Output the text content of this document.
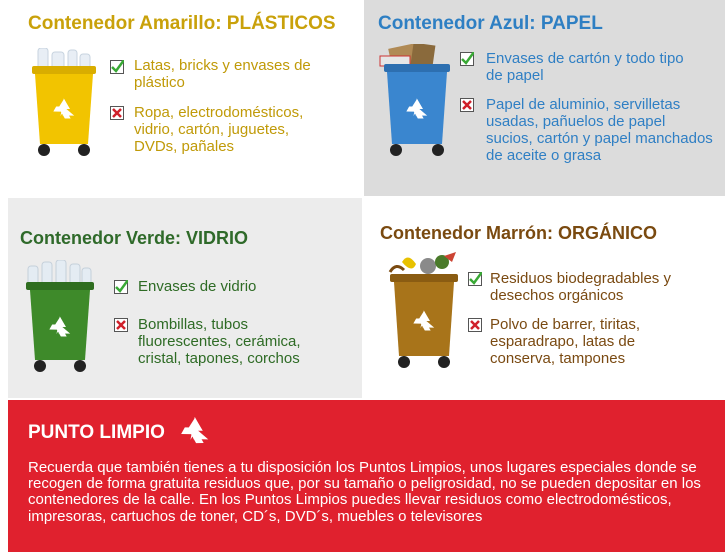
Contenedor Amarillo: PLÁSTICOS
Latas, bricks y envases de plástico
Ropa, electrodomésticos, vidrio, cartón, juguetes, DVDs, pañales
Contenedor Azul: PAPEL
Envases de cartón y todo tipo de papel
Papel de aluminio, servilletas usadas, pañuelos de papel sucios, cartón y papel manchados de aceite o grasa
Contenedor Verde: VIDRIO
Envases de vidrio
Bombillas, tubos fluorescentes, cerámica, cristal, tapones, corchos
Contenedor Marrón: ORGÁNICO
Residuos biodegradables y desechos orgánicos
Polvo de barrer, tiritas, esparadrapo, latas de conserva, tampones
PUNTO LIMPIO
Recuerda que también tienes a tu disposición los Puntos Limpios, unos lugares especiales donde se recogen de forma gratuita residuos que, por su tamaño o peligrosidad, no se pueden depositar en los contenedores de la calle. En los Puntos Limpios puedes llevar residuos como electrodomésticos, impresoras, cartuchos de toner, CD´s, DVD´s, muebles o televisores
